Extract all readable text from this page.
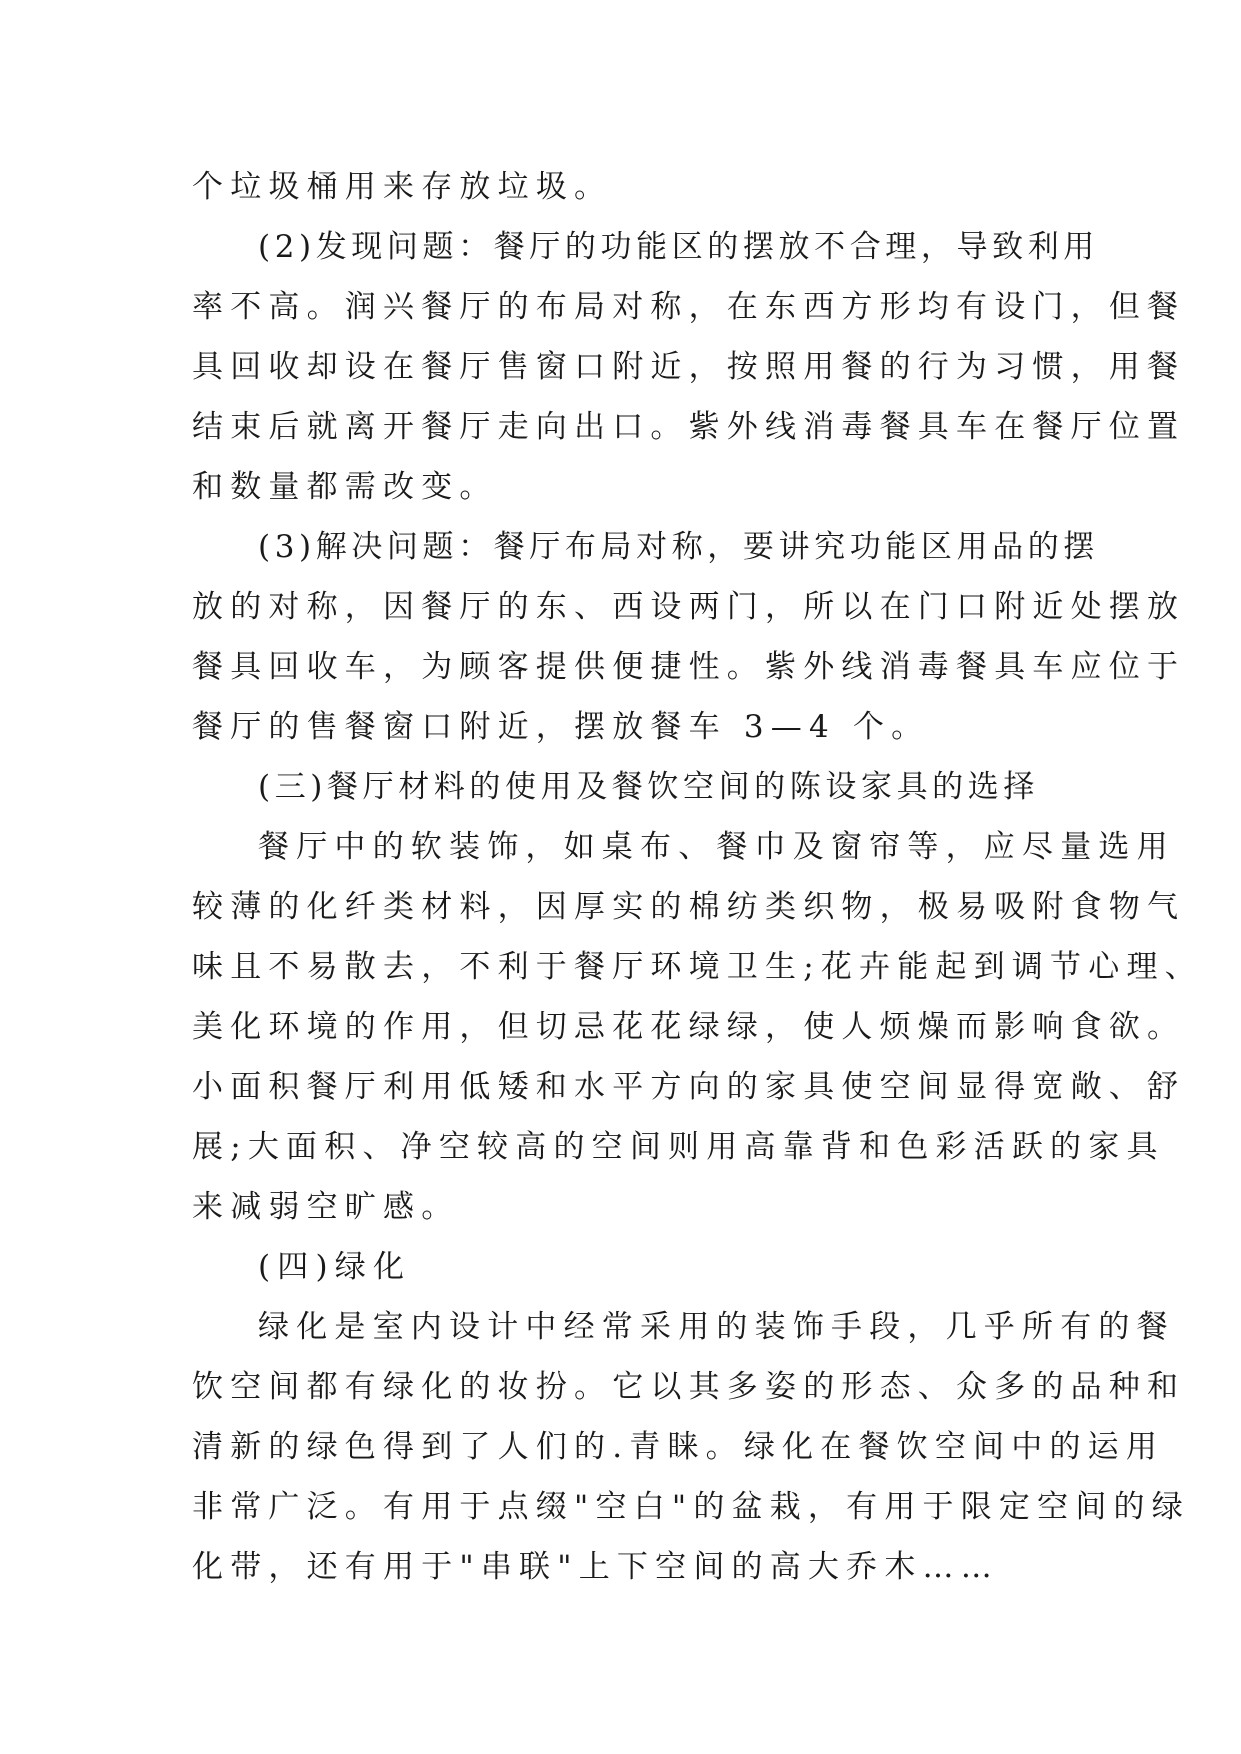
个垃圾桶用来存放垃圾。
(2)发现问题：餐厅的功能区的摆放不合理，导致利用
率不高。润兴餐厅的布局对称，在东西方形均有设门，但餐
具回收却设在餐厅售窗口附近，按照用餐的行为习惯，用餐
结束后就离开餐厅走向出口。紫外线消毒餐具车在餐厅位置
和数量都需改变。
(3)解决问题：餐厅布局对称，要讲究功能区用品的摆
放的对称，因餐厅的东、西设两门，所以在门口附近处摆放
餐具回收车，为顾客提供便捷性。紫外线消毒餐具车应位于
餐厅的售餐窗口附近，摆放餐车 3—4 个。
(三)餐厅材料的使用及餐饮空间的陈设家具的选择
餐厅中的软装饰，如桌布、餐巾及窗帘等，应尽量选用
较薄的化纤类材料，因厚实的棉纺类织物，极易吸附食物气
味且不易散去，不利于餐厅环境卫生;花卉能起到调节心理、
美化环境的作用，但切忌花花绿绿，使人烦燥而影响食欲。
小面积餐厅利用低矮和水平方向的家具使空间显得宽敞、舒
展;大面积、净空较高的空间则用高靠背和色彩活跃的家具
来减弱空旷感。
(四)绿化
绿化是室内设计中经常采用的装饰手段，几乎所有的餐
饮空间都有绿化的妆扮。它以其多姿的形态、众多的品种和
清新的绿色得到了人们的.青睐。绿化在餐饮空间中的运用
非常广泛。有用于点缀"空白"的盆栽，有用于限定空间的绿
化带，还有用于"串联"上下空间的高大乔木……
